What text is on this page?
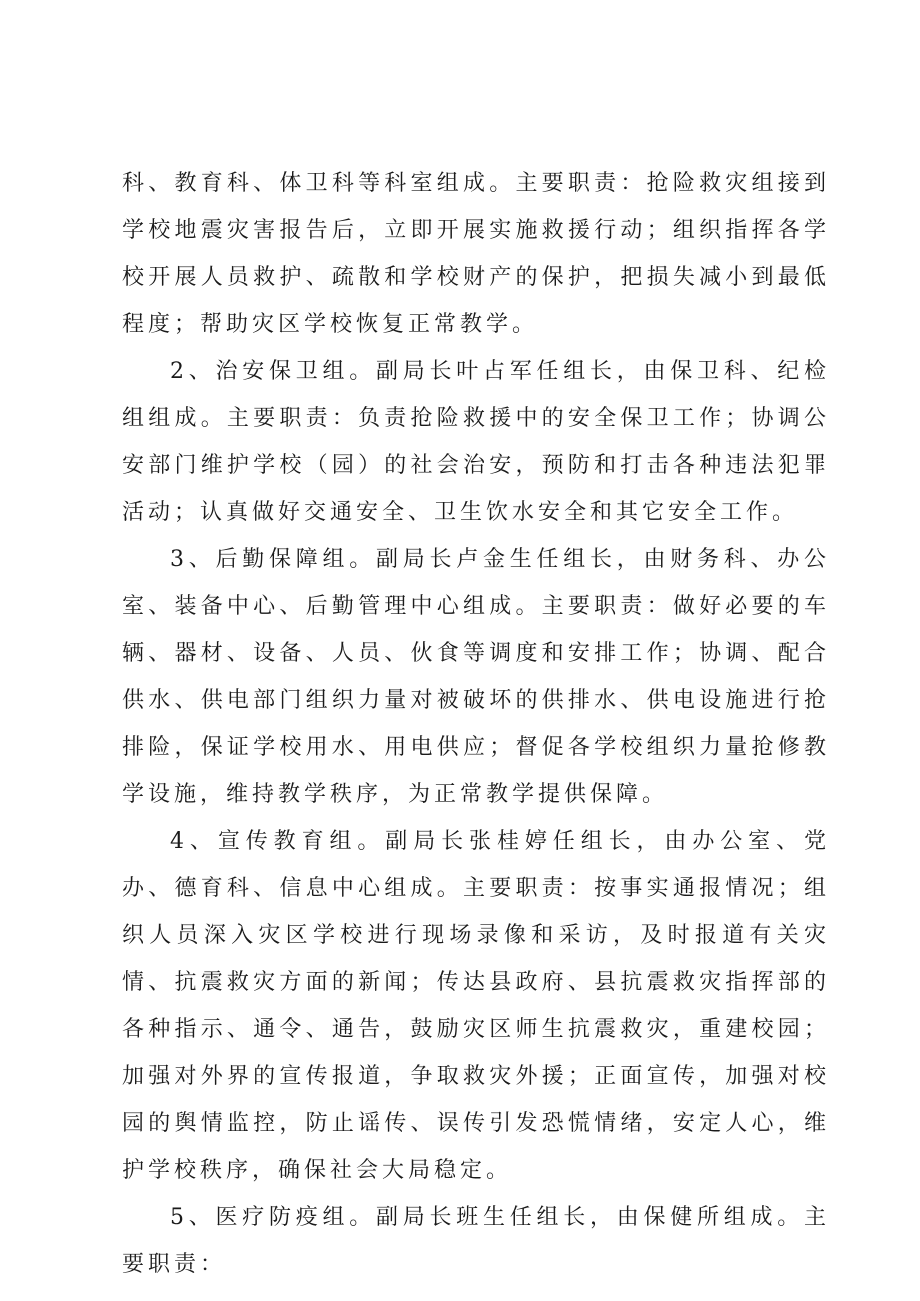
科、教育科、体卫科等科室组成。主要职责：抢险救灾组接到学校地震灾害报告后，立即开展实施救援行动；组织指挥各学校开展人员救护、疏散和学校财产的保护，把损失减小到最低程度；帮助灾区学校恢复正常教学。

2、治安保卫组。副局长叶占军任组长，由保卫科、纪检组组成。主要职责：负责抢险救援中的安全保卫工作；协调公安部门维护学校（园）的社会治安，预防和打击各种违法犯罪活动；认真做好交通安全、卫生饮水安全和其它安全工作。

3、后勤保障组。副局长卢金生任组长，由财务科、办公室、装备中心、后勤管理中心组成。主要职责：做好必要的车辆、器材、设备、人员、伙食等调度和安排工作；协调、配合供水、供电部门组织力量对被破坏的供排水、供电设施进行抢排险，保证学校用水、用电供应；督促各学校组织力量抢修教学设施，维持教学秩序，为正常教学提供保障。

4、宣传教育组。副局长张桂婷任组长，由办公室、党办、德育科、信息中心组成。主要职责：按事实通报情况；组织人员深入灾区学校进行现场录像和采访，及时报道有关灾情、抗震救灾方面的新闻；传达县政府、县抗震救灾指挥部的各种指示、通令、通告，鼓励灾区师生抗震救灾，重建校园；加强对外界的宣传报道，争取救灾外援；正面宣传，加强对校园的舆情监控，防止谣传、误传引发恐慌情绪，安定人心，维护学校秩序，确保社会大局稳定。

5、医疗防疫组。副局长班生任组长，由保健所组成。主要职责：
